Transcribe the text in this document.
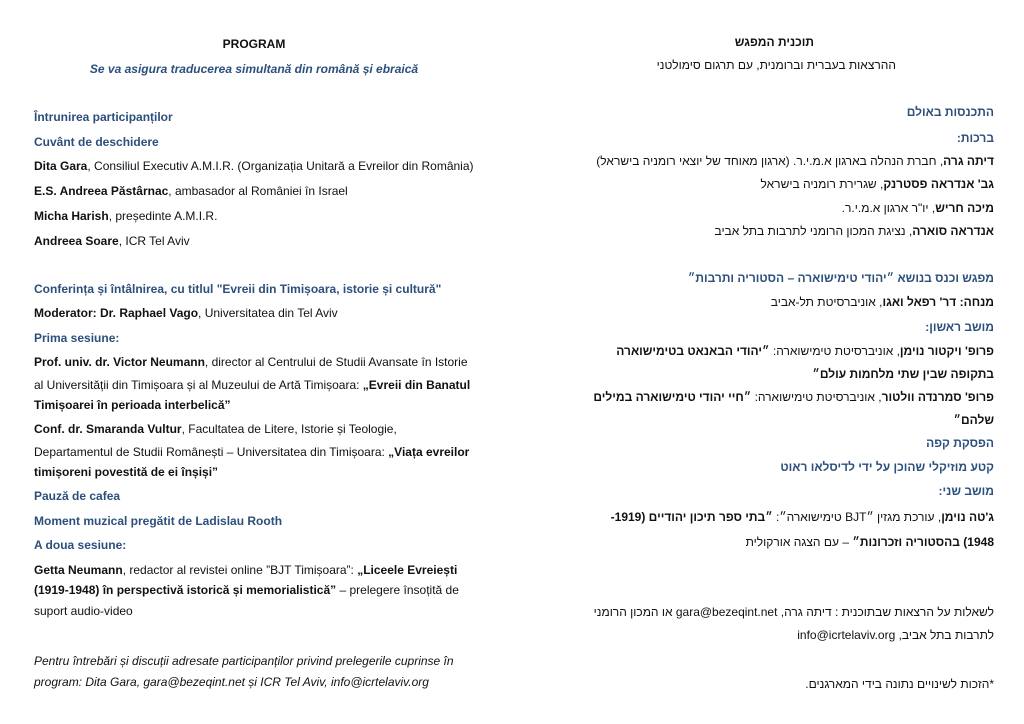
PROGRAM
Se va asigura traducerea simultană din română și ebraică
Întrunirea participanților
Cuvânt de deschidere
Dita Gara, Consiliul Executiv A.M.I.R. (Organizația Unitară a Evreilor din România)
E.S. Andreea Păstârnac, ambasador al României în Israel
Micha Harish, președinte A.M.I.R.
Andreea Soare, ICR Tel Aviv
Conferința și întâlnirea, cu titlul "Evreii din Timișoara, istorie și cultură"
Moderator: Dr. Raphael Vago, Universitatea din Tel Aviv
Prima sesiune:
Prof. univ. dr. Victor Neumann, director al Centrului de Studii Avansate în Istorie
al Universității din Timișoara și al Muzeului de Artă Timișoara: „Evreii din Banatul
Timișoarei în perioada interbelică”
Conf. dr. Smaranda Vultur, Facultatea de Litere, Istorie și Teologie,
Departamentul de Studii Românești – Universitatea din Timișoara: „Viața evreilor
timișoreni povestită de ei înșiși”
Pauză de cafea
Moment muzical pregătit de Ladislau Rooth
A doua sesiune:
Getta Neumann, redactor al revistei online ”BJT Timișoara”: „Liceele Evreiești
(1919-1948) în perspectivă istorică și memorialistică” – prelegere însoțită de
suport audio-video
Pentru întrebări și discuții adresate participanților privind prelegerile cuprinse în
program: Dita Gara, gara@bezeqint.net și ICR Tel Aviv, info@icrtelaviv.org
תוכנית המפגש
ההרצאות בעברית וברומנית, עם תרגום סימולטני
התכנסות באולם
ברכות:
דיתה גרה, חברת הנהלה בארגון א.מ.י.ר. (ארגון מאוחד של יוצאי רומניה בישראל)
גב' אנדראה פסטרנק, שגרירת רומניה בישראל
מיכה חריש, יו"ר ארגון א.מ.י.ר.
אנדראה סוארה, נציגת המכון הרומני לתרבות בתל אביב
מפגש וכנס בנושא ״יהודי טימישוארה – הסטוריה ותרבות״
מנחה: דר' רפאל ואגו, אוניברסיטת תל-אביב
מושב ראשון:
פרופ' ויקטור נוימן, אוניברסיטת טימישוארה: ״יהודי הבאנאט בטימישוארה
בתקופה שבין שתי מלחמות עולם״
פרופ' סמרנדה וולטור, אוניברסיטת טימישוארה: ״חיי יהודי טימישוארה במילים
שלהם״
הפסקת קפה
קטע מוזיקלי שהוכן על ידי לדיסלאו ראוט
מושב שני:
ג'טה נוימן, עורכת מגזין ״BJT טימישוארה״: ״בתי ספר תיכון יהודיים (1919-
1948) בהסטוריה וזכרונות״ – עם הצגה אורקולית
לשאלות על הרצאות שבתוכנית : דיתה גרה, gara@bezeqint.net או המכון הרומני
לתרבות בתל אביב, info@icrtelaviv.org
*הזכות לשינויים נתונה בידי המארגנים.
